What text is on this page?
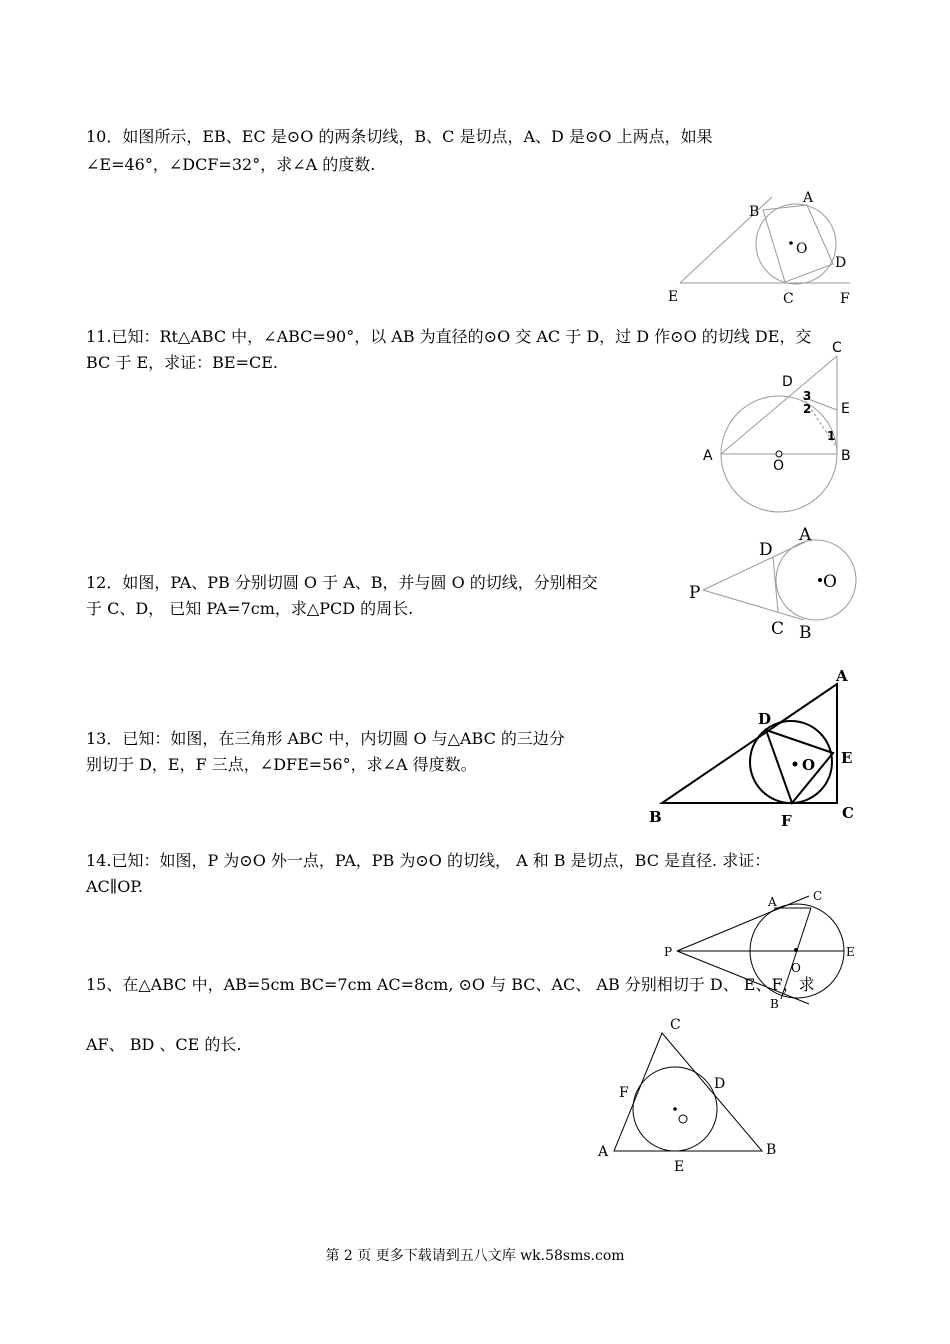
10．如图所示，EB、EC 是⊙O 的两条切线，B、C 是切点，A、D 是⊙O 上两点，如果

∠E=46°，∠DCF=32°，求∠A 的度数.

B
A
O
D
E	C	F

11.已知：Rt△ABC 中，∠ABC=90°，以 AB 为直径的⊙O 交 AC 于 D，过 D 作⊙O 的切线 DE，交

BC 于 E，求证：BE=CE.

C
D
3
2 E
1
A
O
B

12．如图，PA、PB 分别切圆 O 于 A、B，并与圆 O 的切线，分别相交

于 C、D， 已知 PA=7cm，求△PCD 的周长.

P
D
A
O
C B

13．已知：如图，在三角形 ABC 中，内切圆 O 与△ABC 的三边分

别切于 D，E，F 三点，∠DFE=56°，求∠A 得度数。

A
D
E
O
B	F	C

14.已知：如图，P 为⊙O 外一点，PA，PB 为⊙O 的切线， A 和 B 是切点，BC 是直径. 求证：

AC∥OP.

P
A	C
E
O
B

15、在△ABC 中，AB=5cm BC=7cm AC=8cm, ⊙O 与 BC、AC、 AB 分别相切于 D、 E、F，求

AF、 BD 、CE 的长.

C
F
D
A	B
E
第 2 页 更多下载请到五八文库 wk.58sms.com
